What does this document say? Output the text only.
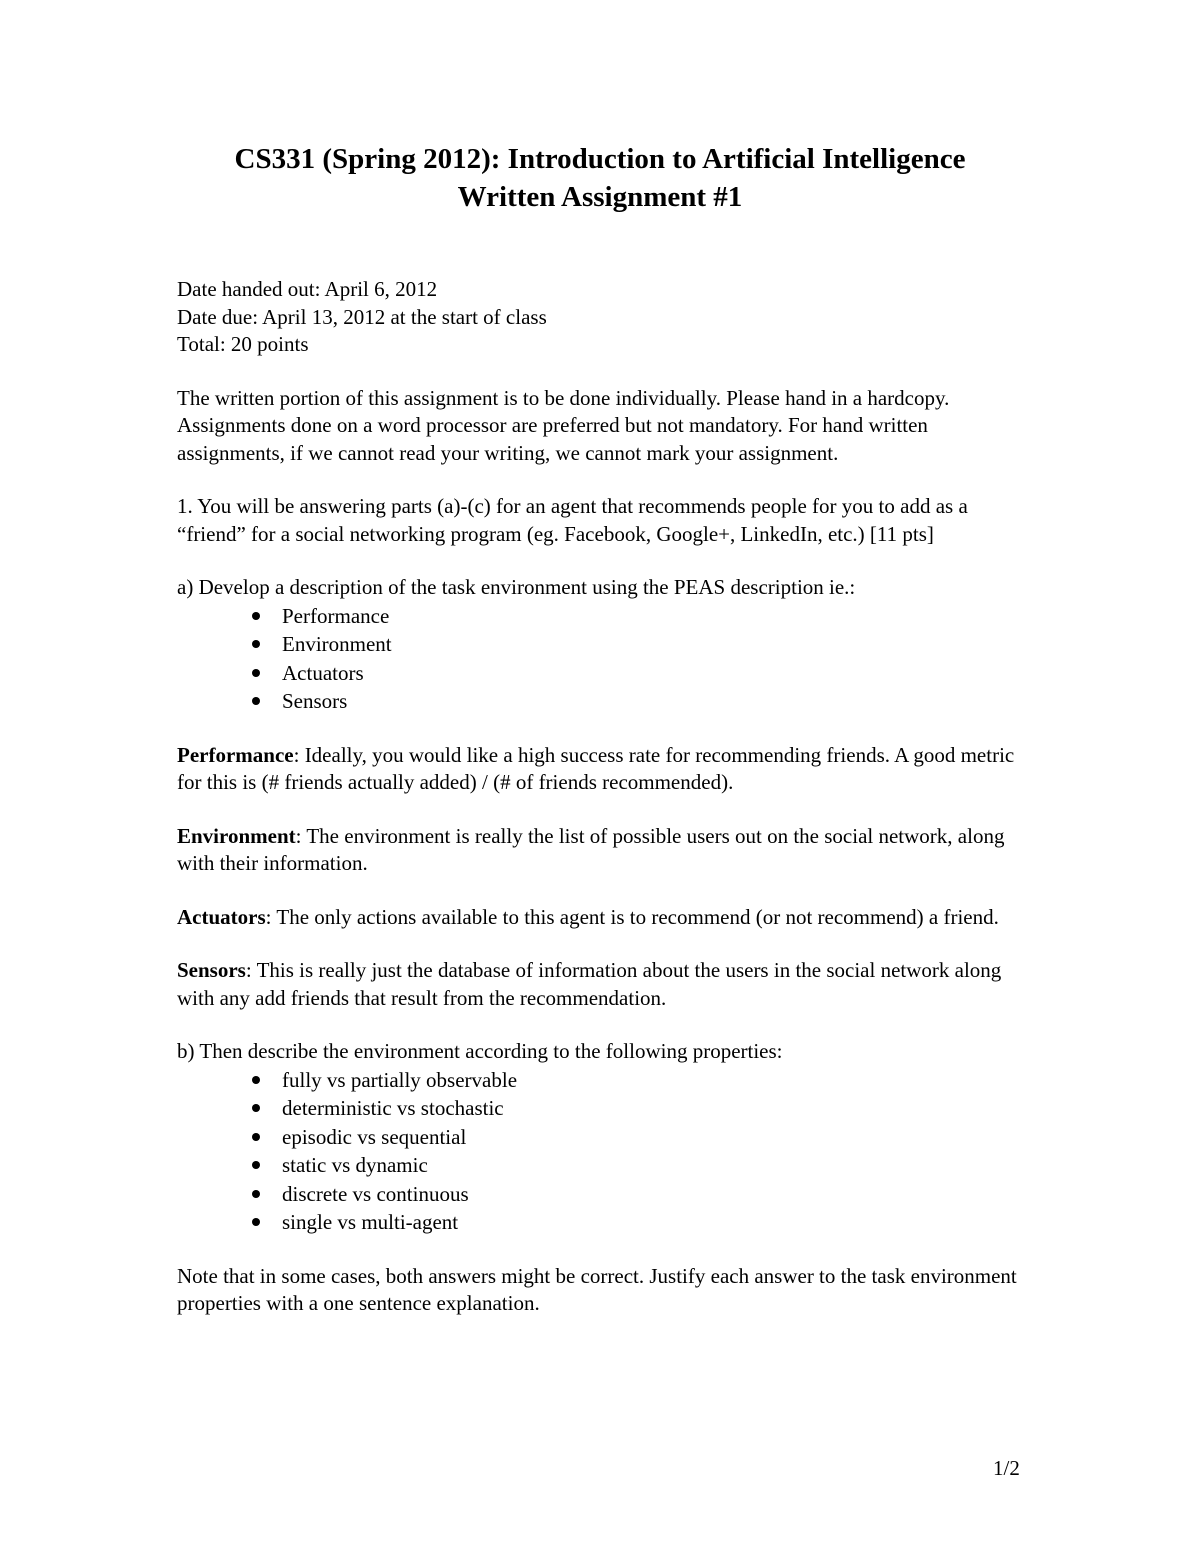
CS331 (Spring 2012): Introduction to Artificial Intelligence
Written Assignment #1

Date handed out: April 6, 2012

Date due: April 13, 2012 at the start of class

Total: 20 points

The written portion of this assignment is to be done individually. Please hand in a hardcopy. Assignments done on a word processor are preferred but not mandatory. For hand written assignments, if we cannot read your writing, we cannot mark your assignment.

1. You will be answering parts (a)-(c) for an agent that recommends people for you to add as a “friend” for a social networking program (eg. Facebook, Google+, LinkedIn, etc.) [11 pts]

a) Develop a description of the task environment using the PEAS description ie.:

Performance
Environment
Actuators
Sensors

Performance: Ideally, you would like a high success rate for recommending friends. A good metric for this is (# friends actually added) / (# of friends recommended).

Environment: The environment is really the list of possible users out on the social network, along with their information.

Actuators: The only actions available to this agent is to recommend (or not recommend) a friend.

Sensors: This is really just the database of information about the users in the social network along with any add friends that result from the recommendation.

b) Then describe the environment according to the following properties:

fully vs partially observable
deterministic vs stochastic
episodic vs sequential
static vs dynamic
discrete vs continuous
single vs multi-agent

Note that in some cases, both answers might be correct. Justify each answer to the task environment properties with a one sentence explanation.

1/2
